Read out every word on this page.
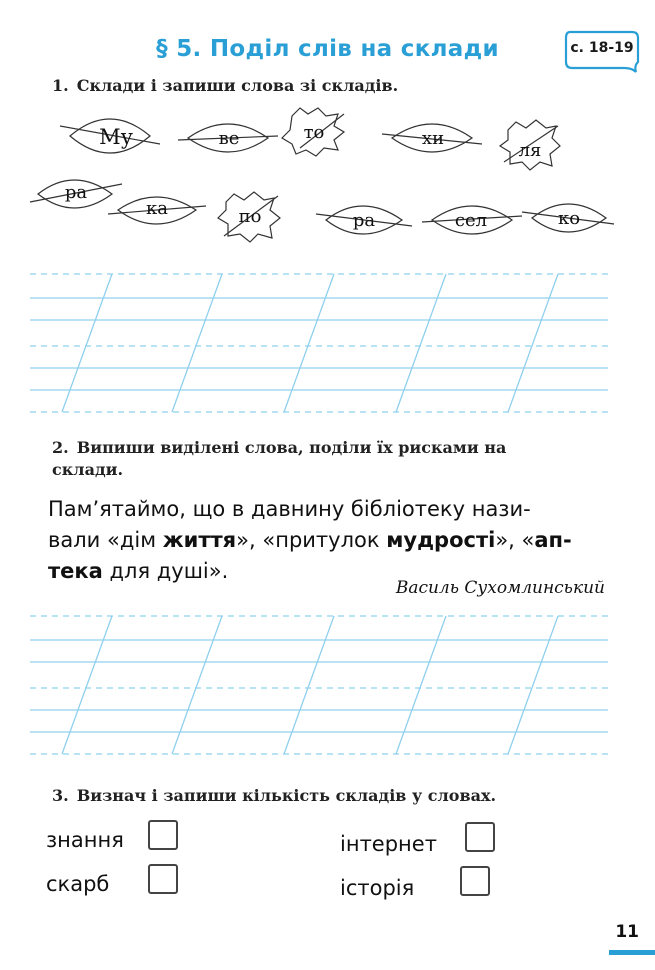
§ 5. Поділ слів на склади	с. 18-19
1. Склади і запиши слова зі складів.
Му	ве	то	хи
ля
ра
ка	по	ра	сел	ко
2. Випиши виділені слова, поділи їх рисками на
склади.
Пам’ятаймо, що в давнину бібліотеку нази-
вали «дім життя», «притулок мудрості», «ап-
тека для душі».
Василь Сухомлинський
3. Визнач і запиши кількість складів у словах.
знання	інтернет
скарб	історія
11
